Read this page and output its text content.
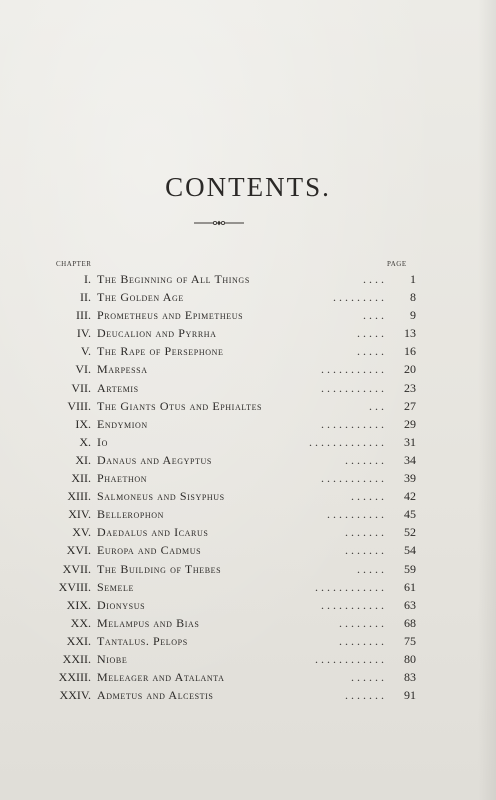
CONTENTS.
CHAPTER	PAGE
I. The Beginning of All Things	. . . . 1
II. The Golden Age	. . . . . . . . . 8
III. Prometheus and Epimetheus	. . . . 9
IV. Deucalion and Pyrrha	. . . . . 13
V. The Rape of Persephone	. . . . . 16
VI. Marpessa	. . . . . . . . . . . 20
VII. Artemis	. . . . . . . . . . . 23
VIII. The Giants Otus and Ephialtes	. . . 27
IX. Endymion	. . . . . . . . . . . 29
X. Io	. . . . . . . . . . . . . 31
XI. Danaus and Aegyptus	. . . . . . . 34
XII. Phaethon	. . . . . . . . . . . 39
XIII. Salmoneus and Sisyphus	. . . . . . 42
XIV. Bellerophon	. . . . . . . . . . 45
XV. Daedalus and Icarus	. . . . . . . 52
XVI. Europa and Cadmus	. . . . . . . 54
XVII. The Building of Thebes	. . . . . 59
XVIII. Semele	. . . . . . . . . . . . 61
XIX. Dionysus	. . . . . . . . . . . 63
XX. Melampus and Bias	. . . . . . . . 68
XXI. Tantalus. Pelops	. . . . . . . . 75
XXII. Niobe	. . . . . . . . . . . . 80
XXIII. Meleager and Atalanta	. . . . . . 83
XXIV. Admetus and Alcestis	. . . . . . . 91
